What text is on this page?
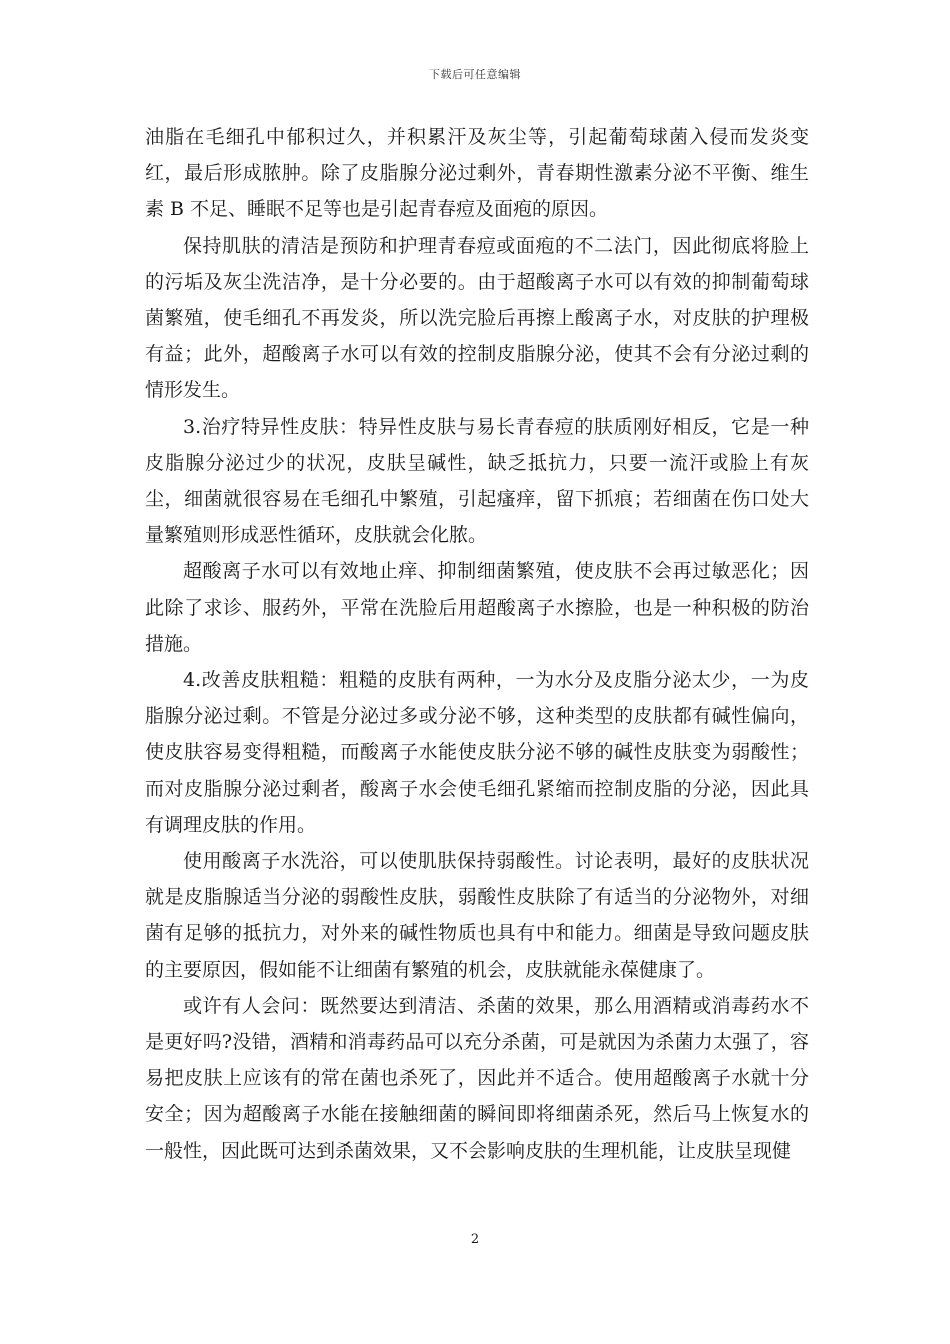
下载后可任意编辑

油脂在毛细孔中郁积过久，并积累汗及灰尘等，引起葡萄球菌入侵而发炎变红，最后形成脓肿。除了皮脂腺分泌过剩外，青春期性激素分泌不平衡、维生素 B 不足、睡眠不足等也是引起青春痘及面疱的原因。

保持肌肤的清洁是预防和护理青春痘或面疱的不二法门，因此彻底将脸上的污垢及灰尘洗洁净，是十分必要的。由于超酸离子水可以有效的抑制葡萄球菌繁殖，使毛细孔不再发炎，所以洗完脸后再擦上酸离子水，对皮肤的护理极有益；此外，超酸离子水可以有效的控制皮脂腺分泌，使其不会有分泌过剩的情形发生。

3.治疗特异性皮肤：特异性皮肤与易长青春痘的肤质刚好相反，它是一种皮脂腺分泌过少的状况，皮肤呈碱性，缺乏抵抗力，只要一流汗或脸上有灰尘，细菌就很容易在毛细孔中繁殖，引起瘙痒，留下抓痕；若细菌在伤口处大量繁殖则形成恶性循环，皮肤就会化脓。

超酸离子水可以有效地止痒、抑制细菌繁殖，使皮肤不会再过敏恶化；因此除了求诊、服药外，平常在洗脸后用超酸离子水擦脸，也是一种积极的防治措施。

4.改善皮肤粗糙：粗糙的皮肤有两种，一为水分及皮脂分泌太少，一为皮脂腺分泌过剩。不管是分泌过多或分泌不够，这种类型的皮肤都有碱性偏向，使皮肤容易变得粗糙，而酸离子水能使皮肤分泌不够的碱性皮肤变为弱酸性；而对皮脂腺分泌过剩者，酸离子水会使毛细孔紧缩而控制皮脂的分泌，因此具有调理皮肤的作用。

使用酸离子水洗浴，可以使肌肤保持弱酸性。讨论表明，最好的皮肤状况就是皮脂腺适当分泌的弱酸性皮肤，弱酸性皮肤除了有适当的分泌物外，对细菌有足够的抵抗力，对外来的碱性物质也具有中和能力。细菌是导致问题皮肤的主要原因，假如能不让细菌有繁殖的机会，皮肤就能永葆健康了。

或许有人会问：既然要达到清洁、杀菌的效果，那么用酒精或消毒药水不是更好吗?没错，酒精和消毒药品可以充分杀菌，可是就因为杀菌力太强了，容易把皮肤上应该有的常在菌也杀死了，因此并不适合。使用超酸离子水就十分安全；因为超酸离子水能在接触细菌的瞬间即将细菌杀死，然后马上恢复水的一般性，因此既可达到杀菌效果，又不会影响皮肤的生理机能，让皮肤呈现健

2
